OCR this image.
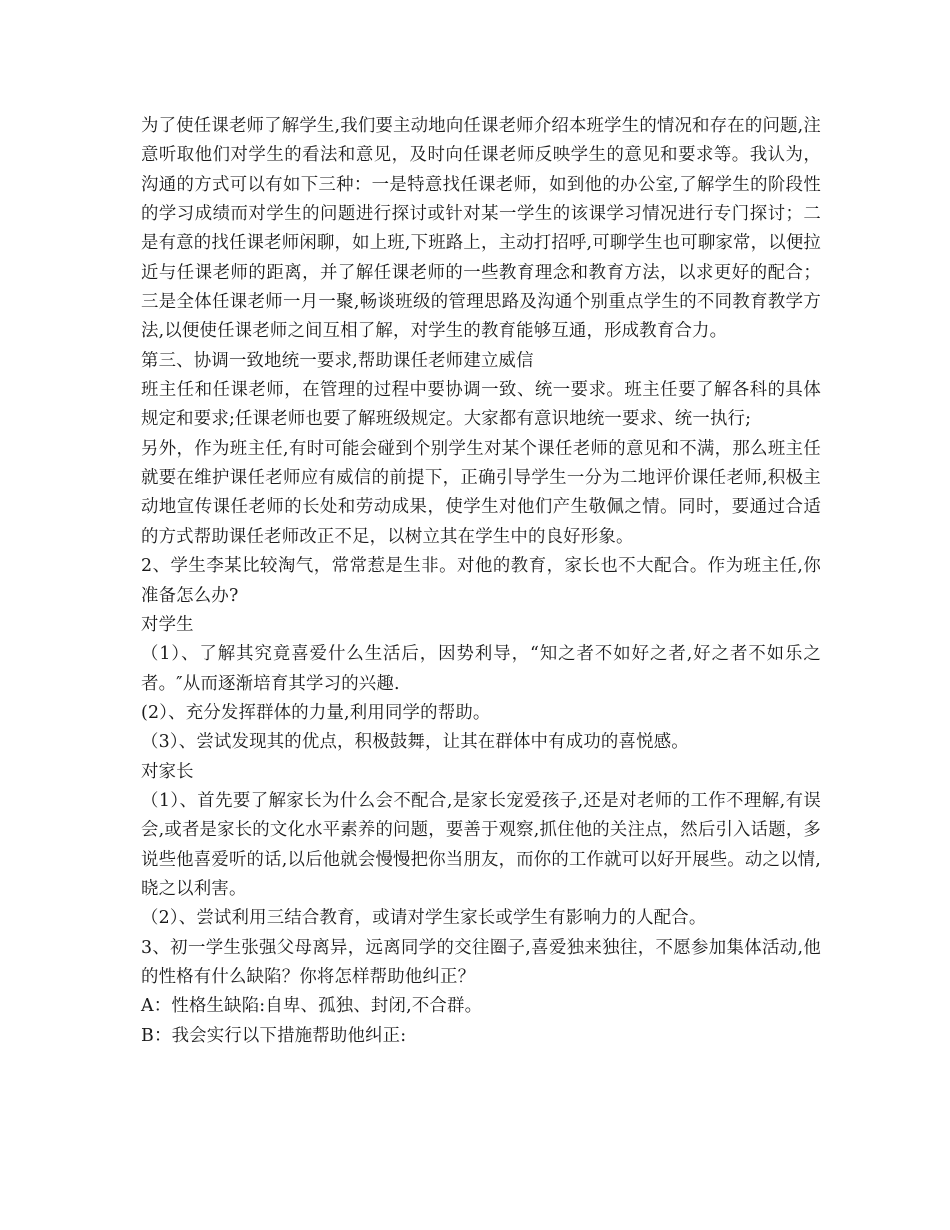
为了使任课老师了解学生,我们要主动地向任课老师介绍本班学生的情况和存在的问题,注意听取他们对学生的看法和意见，及时向任课老师反映学生的意见和要求等。我认为，沟通的方式可以有如下三种：一是特意找任课老师，如到他的办公室,了解学生的阶段性的学习成绩而对学生的问题进行探讨或针对某一学生的该课学习情况进行专门探讨；二是有意的找任课老师闲聊，如上班,下班路上，主动打招呼,可聊学生也可聊家常，以便拉近与任课老师的距离，并了解任课老师的一些教育理念和教育方法，以求更好的配合；三是全体任课老师一月一聚,畅谈班级的管理思路及沟通个别重点学生的不同教育教学方法,以便使任课老师之间互相了解，对学生的教育能够互通，形成教育合力。

第三、协调一致地统一要求,帮助课任老师建立威信

班主任和任课老师，在管理的过程中要协调一致、统一要求。班主任要了解各科的具体规定和要求;任课老师也要了解班级规定。大家都有意识地统一要求、统一执行;

另外，作为班主任,有时可能会碰到个别学生对某个课任老师的意见和不满，那么班主任就要在维护课任老师应有威信的前提下，正确引导学生一分为二地评价课任老师,积极主动地宣传课任老师的长处和劳动成果，使学生对他们产生敬佩之情。同时，要通过合适的方式帮助课任老师改正不足，以树立其在学生中的良好形象。

2、学生李某比较淘气，常常惹是生非。对他的教育，家长也不大配合。作为班主任,你准备怎么办?

对学生

（1）、了解其究竟喜爱什么生活后，因势利导，“知之者不如好之者,好之者不如乐之者。″从而逐渐培育其学习的兴趣.

(2）、充分发挥群体的力量,利用同学的帮助。

（3）、尝试发现其的优点，积极鼓舞，让其在群体中有成功的喜悦感。

对家长

（1）、首先要了解家长为什么会不配合,是家长宠爱孩子,还是对老师的工作不理解,有误会,或者是家长的文化水平素养的问题，要善于观察,抓住他的关注点，然后引入话题，多说些他喜爱听的话,以后他就会慢慢把你当朋友，而你的工作就可以好开展些。动之以情,晓之以利害。

（2）、尝试利用三结合教育，或请对学生家长或学生有影响力的人配合。

3、初一学生张强父母离异，远离同学的交往圈子,喜爱独来独往，不愿参加集体活动,他的性格有什么缺陷？你将怎样帮助他纠正？

A：性格生缺陷:自卑、孤独、封闭,不合群。

B：我会实行以下措施帮助他纠正:
